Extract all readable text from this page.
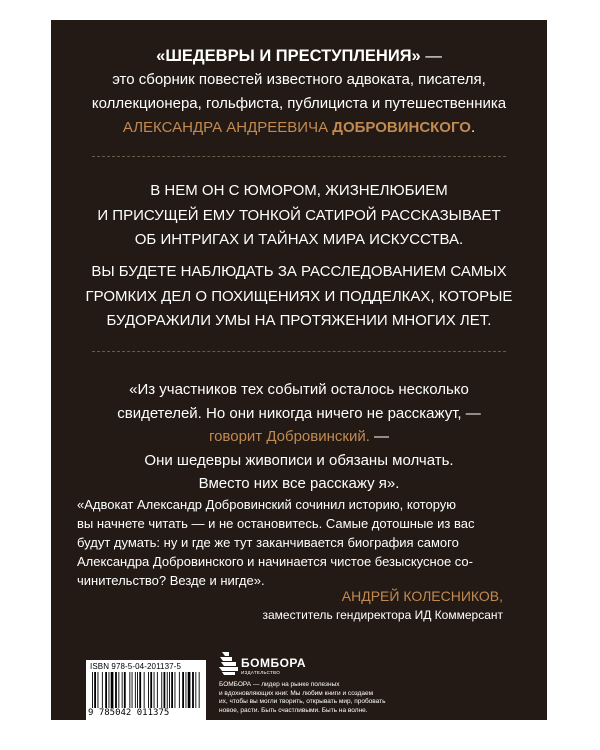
«ШЕДЕВРЫ И ПРЕСТУПЛЕНИЯ» —
это сборник повестей известного адвоката, писателя,
коллекционера, гольфиста, публициста и путешественника
АЛЕКСАНДРА АНДРЕЕВИЧА ДОБРОВИНСКОГО.
В НЕМ ОН С ЮМОРОМ, ЖИЗНЕЛЮБИЕМ
И ПРИСУЩЕЙ ЕМУ ТОНКОЙ САТИРОЙ РАССКАЗЫВАЕТ
ОБ ИНТРИГАХ И ТАЙНАХ МИРА ИСКУССТВА.
ВЫ БУДЕТЕ НАБЛЮДАТЬ ЗА РАССЛЕДОВАНИЕМ САМЫХ
ГРОМКИХ ДЕЛ О ПОХИЩЕНИЯХ И ПОДДЕЛКАХ, КОТОРЫЕ
БУДОРАЖИЛИ УМЫ НА ПРОТЯЖЕНИИ МНОГИХ ЛЕТ.
«Из участников тех событий осталось несколько
свидетелей. Но они никогда ничего не расскажут, —
говорит Добровинский. —
Они шедевры живописи и обязаны молчать.
Вместо них все расскажу я».
«Адвокат Александр Добровинский сочинил историю, которую
вы начнете читать — и не остановитесь. Самые дотошные из вас
будут думать: ну и где же тут заканчивается биография самого
Александра Добровинского и начинается чистое безыскусное со-
чинительство? Везде и нигде».
АНДРЕЙ КОЛЕСНИКОВ,
заместитель гендиректора ИД Коммерсант
ISBN 978-5-04-201137-5
9 785042 011375
БОМБОРА
ИЗДАТЕЛЬСТВО
БОМБОРА — лидер на рынке полезных
и вдохновляющих книг. Мы любим книги и создаем
их, чтобы вы могли творить, открывать мир, пробовать
новое, расти. Быть счастливыми. Быть на волне.
